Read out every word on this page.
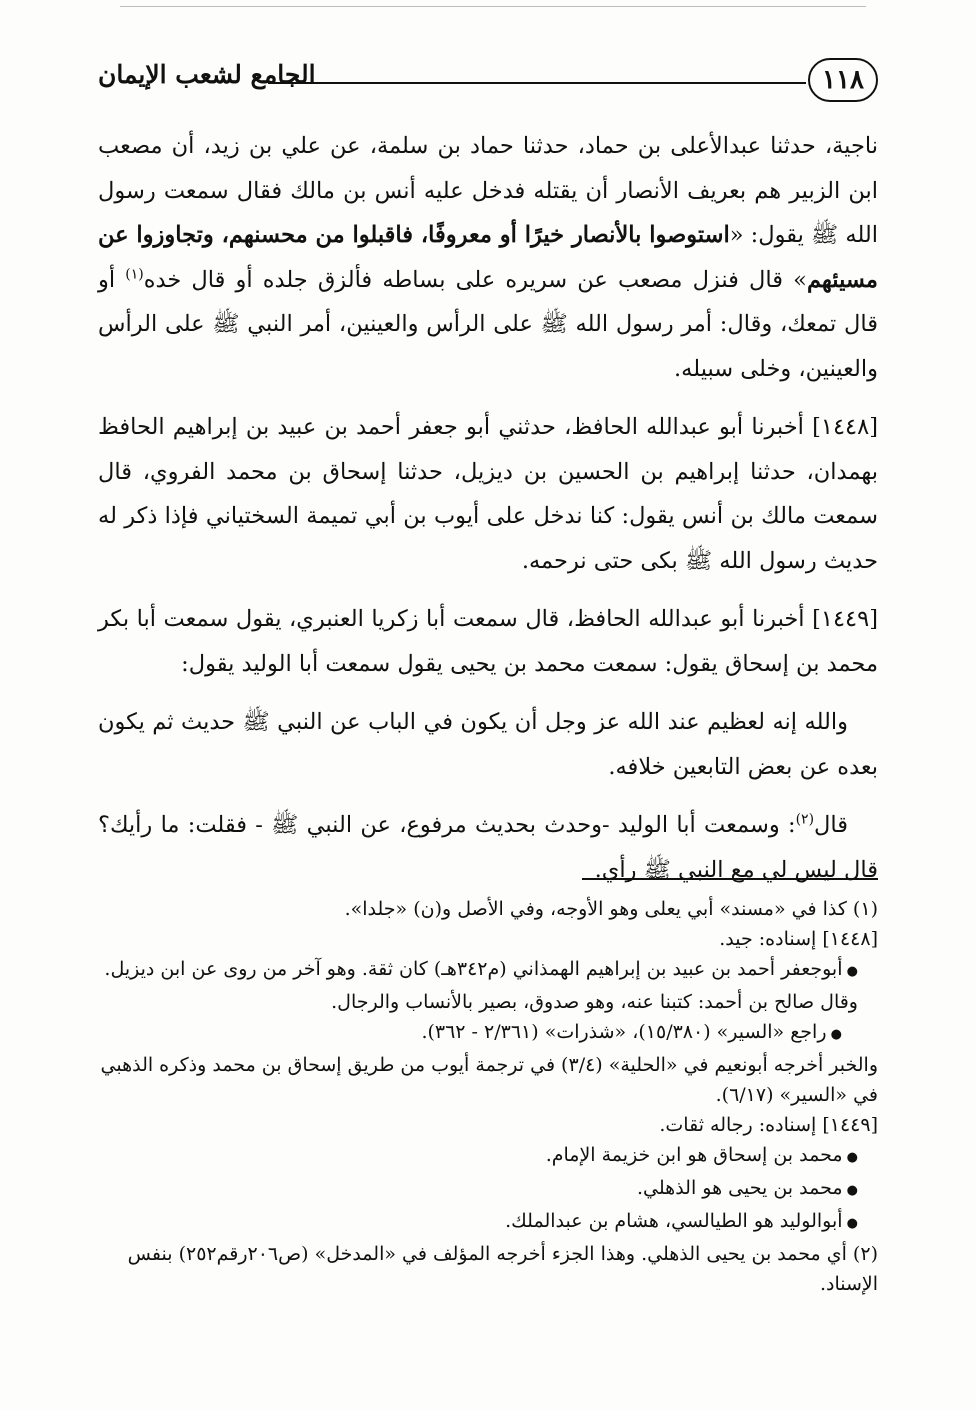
١١٨
الجامع لشعب الإيمان

ناجية، حدثنا عبدالأعلى بن حماد، حدثنا حماد بن سلمة، عن علي بن زيد، أن مصعب ابن الزبير هم بعريف الأنصار أن يقتله فدخل عليه أنس بن مالك فقال سمعت رسول الله ﷺ يقول: «استوصوا بالأنصار خيرًا أو معروفًا، فاقبلوا من محسنهم، وتجاوزوا عن مسيئهم» قال فنزل مصعب عن سريره على بساطه فألزق جلده أو قال خده$^{(١)}$ أو قال تمعك، وقال: أمر رسول الله ﷺ على الرأس والعينين، أمر النبي ﷺ على الرأس والعينين، وخلى سبيله.

[١٤٤٨] أخبرنا أبو عبدالله الحافظ، حدثني أبو جعفر أحمد بن عبيد بن إبراهيم الحافظ بهمدان، حدثنا إبراهيم بن الحسين بن ديزيل، حدثنا إسحاق بن محمد الفروي، قال سمعت مالك بن أنس يقول: كنا ندخل على أيوب بن أبي تميمة السختياني فإذا ذكر له حديث رسول الله ﷺ بكى حتى نرحمه.

[١٤٤٩] أخبرنا أبو عبدالله الحافظ، قال سمعت أبا زكريا العنبري، يقول سمعت أبا بكر محمد بن إسحاق يقول: سمعت محمد بن يحيى يقول سمعت أبا الوليد يقول:

والله إنه لعظيم عند الله عز وجل أن يكون في الباب عن النبي ﷺ حديث ثم يكون بعده عن بعض التابعين خلافه.

قال$^{(٢)}$: وسمعت أبا الوليد -وحدث بحديث مرفوع، عن النبي ﷺ - فقلت: ما رأيك؟ قال ليس لي مع النبي ﷺ رأي.

(١) كذا في «مسند» أبي يعلى وهو الأوجه، وفي الأصل و(ن) «جلدا».

[١٤٤٨] إسناده: جيد.

● أبوجعفر أحمد بن عبيد بن إبراهيم الهمذاني (م٣٤٢هـ) كان ثقة. وهو آخر من روى عن ابن ديزيل. وقال صالح بن أحمد: كتبنا عنه، وهو صدوق، بصير بالأنساب والرجال.

● راجع «السير» (١٥/٣٨٠)، «شذرات» (٢/٣٦١ - ٣٦٢).

والخبر أخرجه أبونعيم في «الحلية» (٣/٤) في ترجمة أيوب من طريق إسحاق بن محمد وذكره الذهبي في «السير» (٦/١٧).

[١٤٤٩] إسناده: رجاله ثقات.

● محمد بن إسحاق هو ابن خزيمة الإمام.

● محمد بن يحيى هو الذهلي.

● أبوالوليد هو الطيالسي، هشام بن عبدالملك.

(٢) أي محمد بن يحيى الذهلي. وهذا الجزء أخرجه المؤلف في «المدخل» (ص٢٠٦رقم٢٥٢) بنفس الإسناد.
